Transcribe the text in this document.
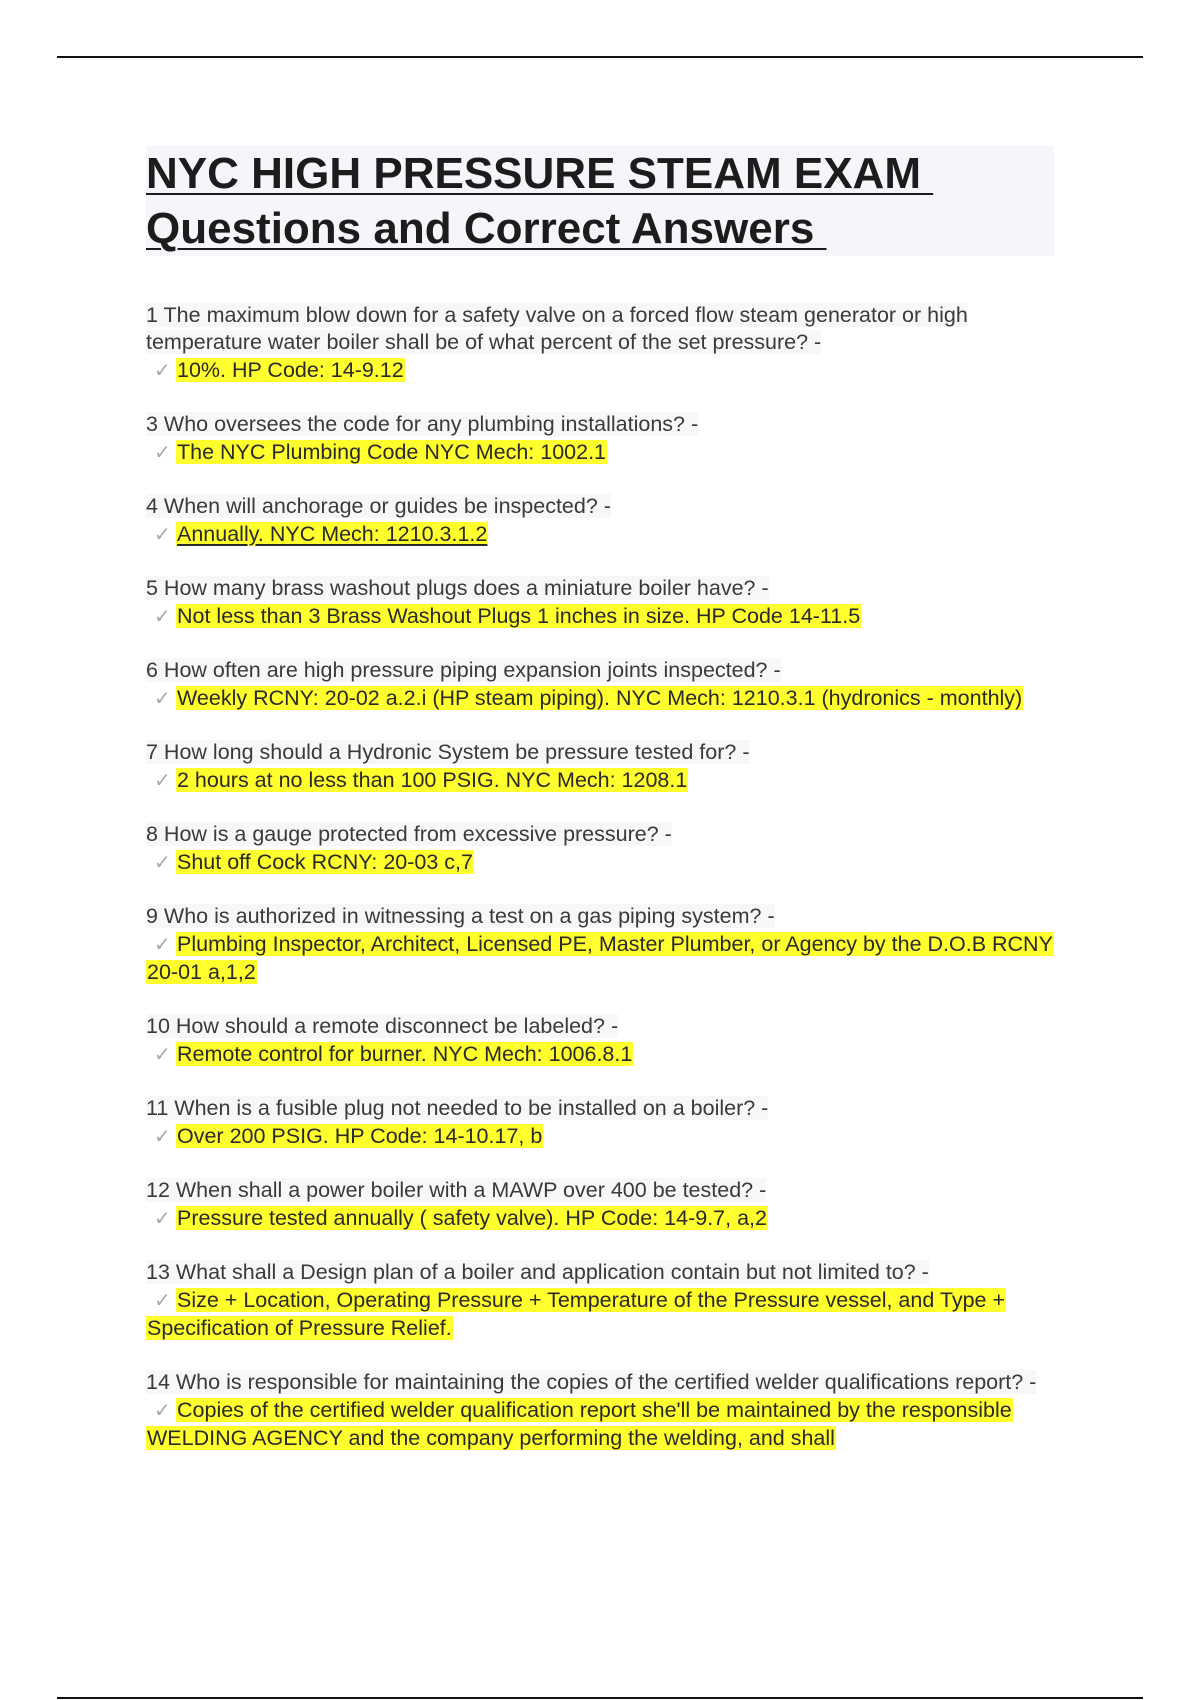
NYC HIGH PRESSURE STEAM EXAM
Questions and Correct Answers

1 The maximum blow down for a safety valve on a forced flow steam generator or high temperature water boiler shall be of what percent of the set pressure? -

✓ 10%. HP Code: 14-9.12

3 Who oversees the code for any plumbing installations? -

✓ The NYC Plumbing Code NYC Mech: 1002.1

4 When will anchorage or guides be inspected? -

✓ Annually. NYC Mech: 1210.3.1.2

5 How many brass washout plugs does a miniature boiler have? -

✓ Not less than 3 Brass Washout Plugs 1 inches in size. HP Code 14-11.5

6 How often are high pressure piping expansion joints inspected? -

✓ Weekly RCNY: 20-02 a.2.i (HP steam piping). NYC Mech: 1210.3.1 (hydronics - monthly)

7 How long should a Hydronic System be pressure tested for? -

✓ 2 hours at no less than 100 PSIG. NYC Mech: 1208.1

8 How is a gauge protected from excessive pressure? -

✓ Shut off Cock RCNY: 20-03 c,7

9 Who is authorized in witnessing a test on a gas piping system? -

✓ Plumbing Inspector, Architect, Licensed PE, Master Plumber, or Agency by the D.O.B RCNY 20-01 a,1,2

10 How should a remote disconnect be labeled? -

✓ Remote control for burner. NYC Mech: 1006.8.1

11 When is a fusible plug not needed to be installed on a boiler? -

✓ Over 200 PSIG. HP Code: 14-10.17, b

12 When shall a power boiler with a MAWP over 400 be tested? -

✓ Pressure tested annually ( safety valve). HP Code: 14-9.7, a,2

13 What shall a Design plan of a boiler and application contain but not limited to? -

✓ Size + Location, Operating Pressure + Temperature of the Pressure vessel, and Type + Specification of Pressure Relief.

14 Who is responsible for maintaining the copies of the certified welder qualifications report? -

✓ Copies of the certified welder qualification report she'll be maintained by the responsible WELDING AGENCY and the company performing the welding, and shall
